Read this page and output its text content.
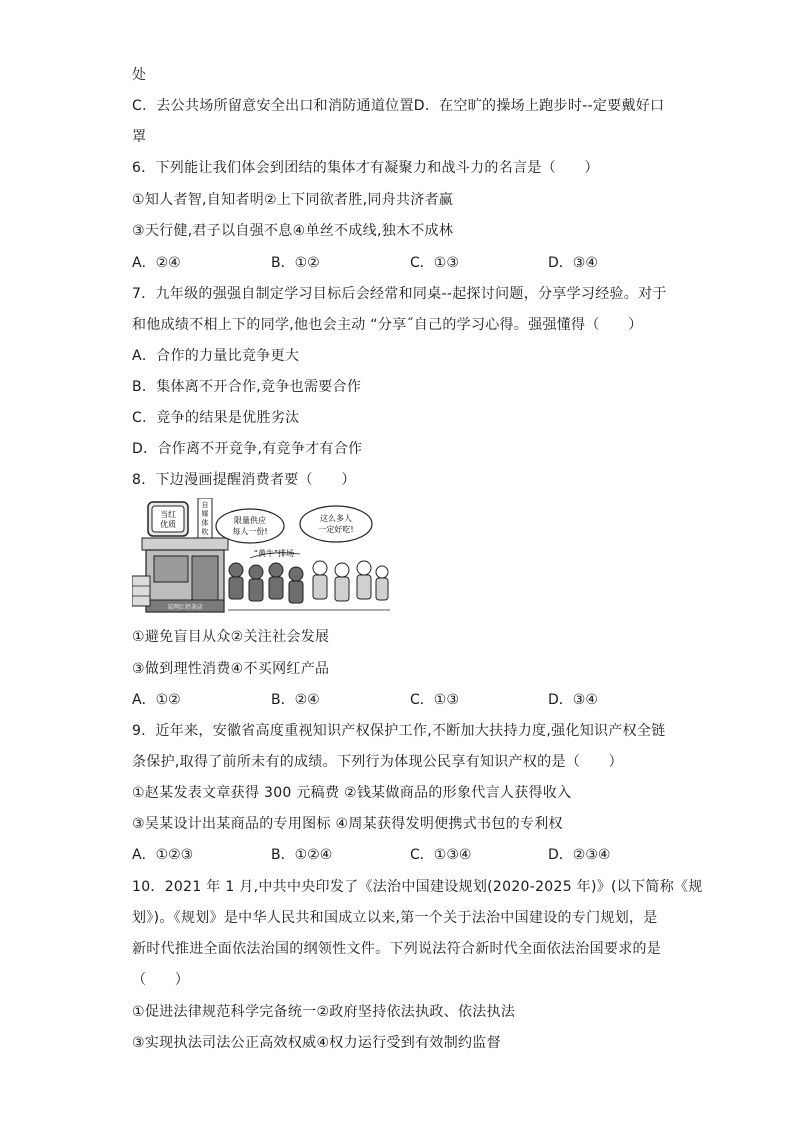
处
C．去公共场所留意安全出口和消防通道位置D．在空旷的操场上跑步时--定要戴好口
罩
6．下列能让我们体会到团结的集体才有凝聚力和战斗力的名言是（　　）
①知人者智,自知者明②上下同欲者胜,同舟共济者赢
③天行健,君子以自强不息④单丝不成线,独木不成林
A．②④	B．①②	C．①③	D．③④
7．九年级的强强自制定学习目标后会经常和同桌--起探讨问题，分享学习经验。对于
和他成绩不相上下的同学,他也会主动 “分享˝自己的学习心得。强强懂得（　　）
A．合作的力量比竞争更大
B．集体离不开合作,竞争也需要合作
C．竞争的结果是优胜劣汰
D．合作离不开竞争,有竞争才有合作
8．下边漫画提醒消费者要（　　）
当红
优质
自
媒
体
吹
某网红奶茶店
限量供应
每人一份!
这么多人
一定好吃!
“黄牛”排场
①避免盲目从众②关注社会发展
③做到理性消费④不买网红产品
A．①②	B．②④	C．①③	D．③④
9．近年来，安徽省高度重视知识产权保护工作,不断加大扶持力度,强化知识产权全链
条保护,取得了前所未有的成绩。下列行为体现公民享有知识产权的是（　　）
①赵某发表文章获得 300 元稿费 ②钱某做商品的形象代言人获得收入
③吴某设计出某商品的专用图标 ④周某获得发明便携式书包的专利权
A．①②③	B．①②④	C．①③④	D．②③④
10．2021 年 1 月,中共中央印发了《法治中国建设规划(2020-2025 年)》(以下简称《规
划》)。《规划》是中华人民共和国成立以来,第一个关于法治中国建设的专门规划，是
新时代推进全面依法治国的纲领性文件。下列说法符合新时代全面依法治国要求的是
（　　）
①促进法律规范科学完备统一②政府坚持依法执政、依法执法
③实现执法司法公正高效权威④权力运行受到有效制约监督
